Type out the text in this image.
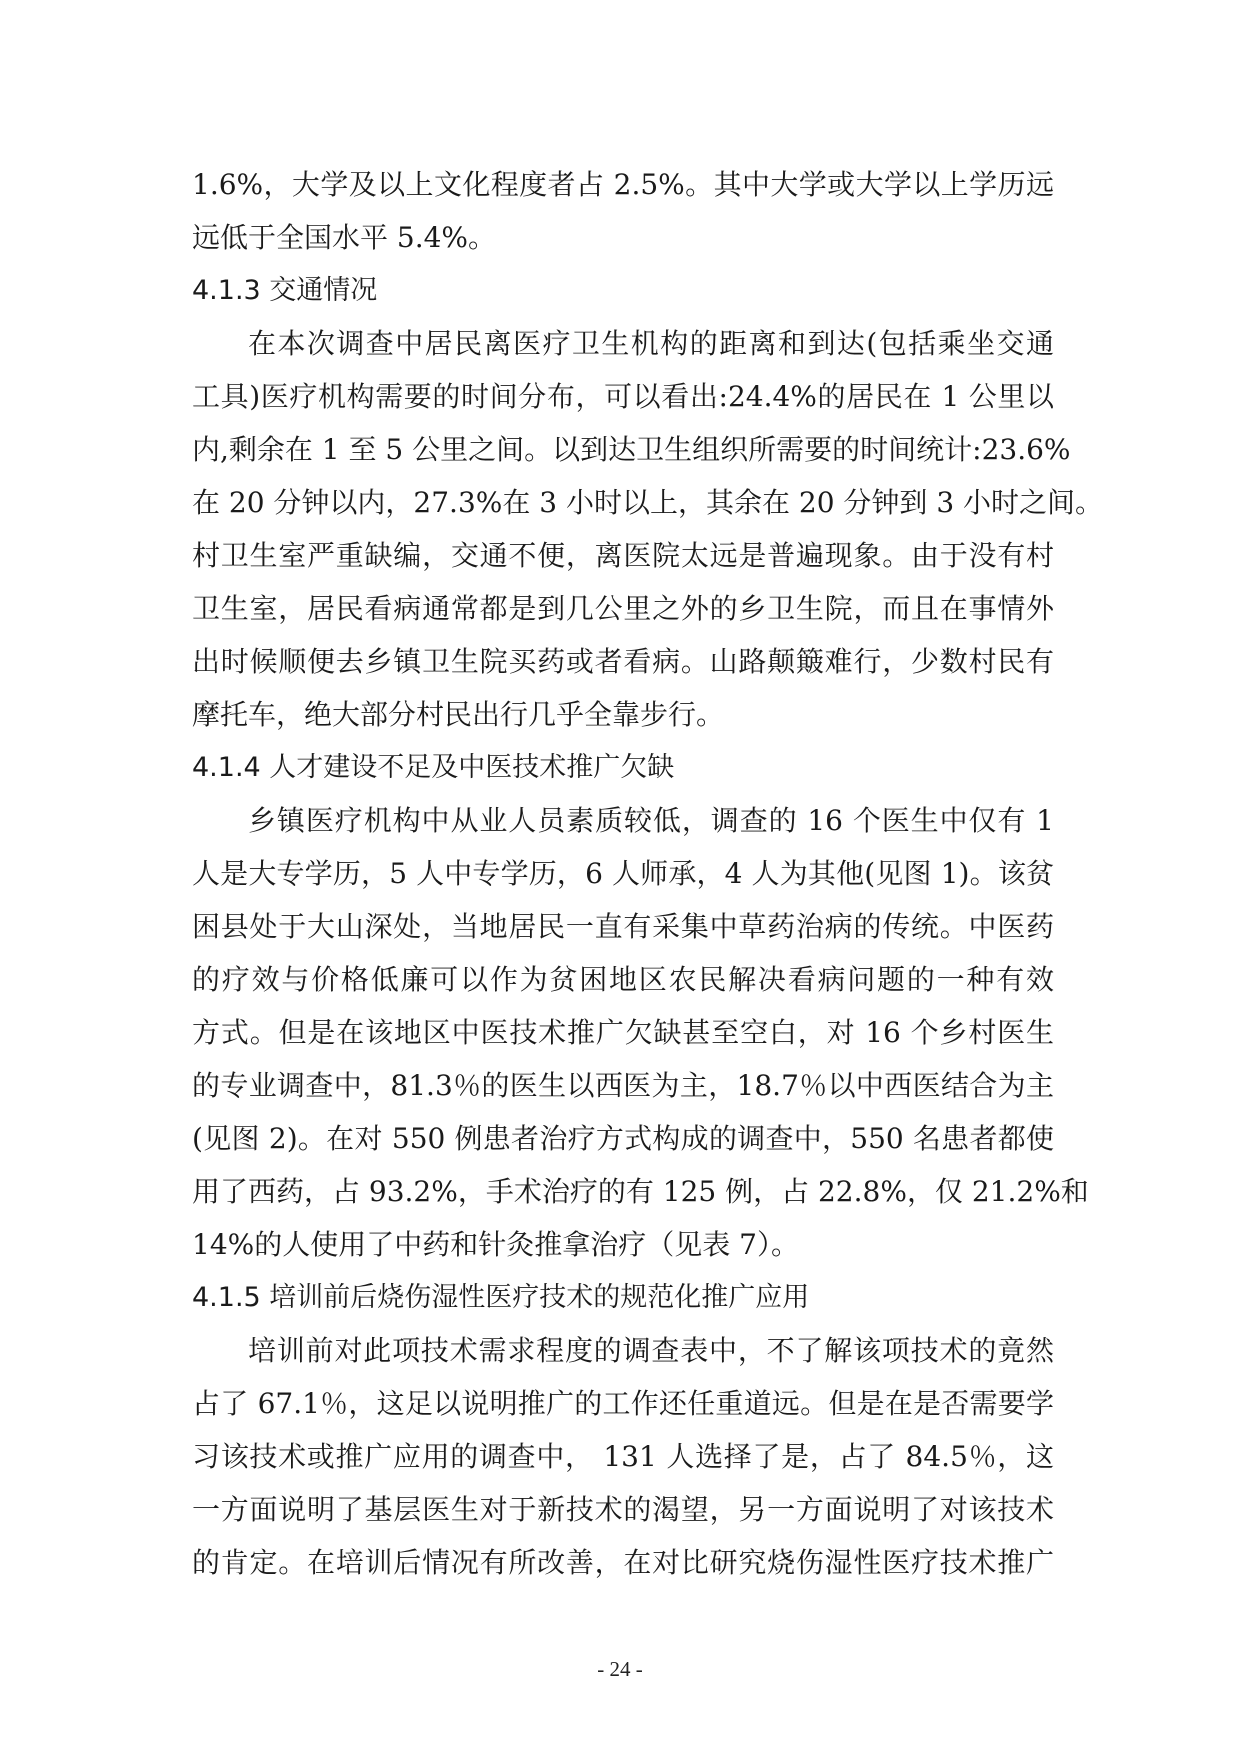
1.6%，大学及以上文化程度者占 2.5%。其中大学或大学以上学历远
远低于全国水平 5.4%。
4.1.3 交通情况
在本次调查中居民离医疗卫生机构的距离和到达(包括乘坐交通
工具)医疗机构需要的时间分布，可以看出:24.4%的居民在 1 公里以
内,剩余在 1 至 5 公里之间。以到达卫生组织所需要的时间统计:23.6%
在 20 分钟以内，27.3%在 3 小时以上，其余在 20 分钟到 3 小时之间。
村卫生室严重缺编，交通不便，离医院太远是普遍现象。由于没有村
卫生室，居民看病通常都是到几公里之外的乡卫生院，而且在事情外
出时候顺便去乡镇卫生院买药或者看病。山路颠簸难行，少数村民有
摩托车，绝大部分村民出行几乎全靠步行。
4.1.4 人才建设不足及中医技术推广欠缺
乡镇医疗机构中从业人员素质较低，调查的 16 个医生中仅有 1
人是大专学历，5 人中专学历，6 人师承，4 人为其他(见图 1)。该贫
困县处于大山深处，当地居民一直有采集中草药治病的传统。中医药
的疗效与价格低廉可以作为贫困地区农民解决看病问题的一种有效
方式。但是在该地区中医技术推广欠缺甚至空白，对 16 个乡村医生
的专业调查中，81.3％的医生以西医为主，18.7％以中西医结合为主
(见图 2)。在对 550 例患者治疗方式构成的调查中，550 名患者都使
用了西药，占 93.2%，手术治疗的有 125 例，占 22.8%，仅 21.2%和
14%的人使用了中药和针灸推拿治疗（见表 7）。
4.1.5 培训前后烧伤湿性医疗技术的规范化推广应用
培训前对此项技术需求程度的调查表中，不了解该项技术的竟然
占了 67.1％，这足以说明推广的工作还任重道远。但是在是否需要学
习该技术或推广应用的调查中， 131 人选择了是，占了 84.5％，这
一方面说明了基层医生对于新技术的渴望，另一方面说明了对该技术
的肯定。在培训后情况有所改善，在对比研究烧伤湿性医疗技术推广
- 24 -
